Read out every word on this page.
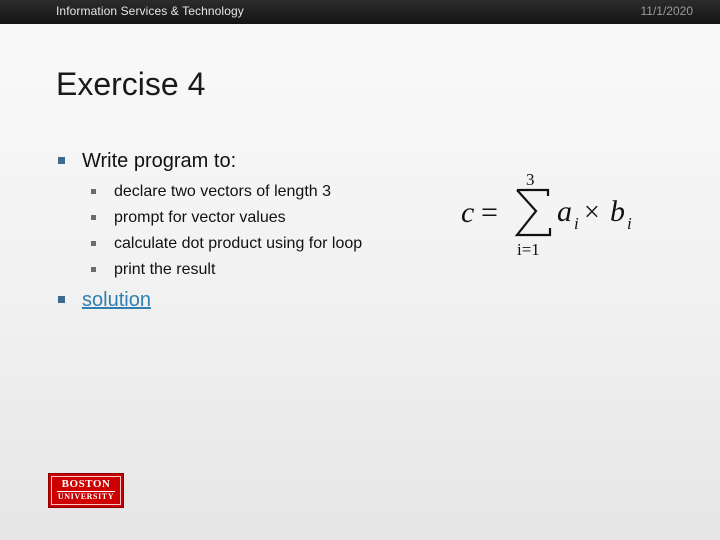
Information Services & Technology	11/1/2020
Exercise 4
Write program to:
declare two vectors of length 3
prompt for vector values
calculate dot product using for loop
print the result
solution
c =
3
i=1
a i × b i
BOSTON
UNIVERSITY
